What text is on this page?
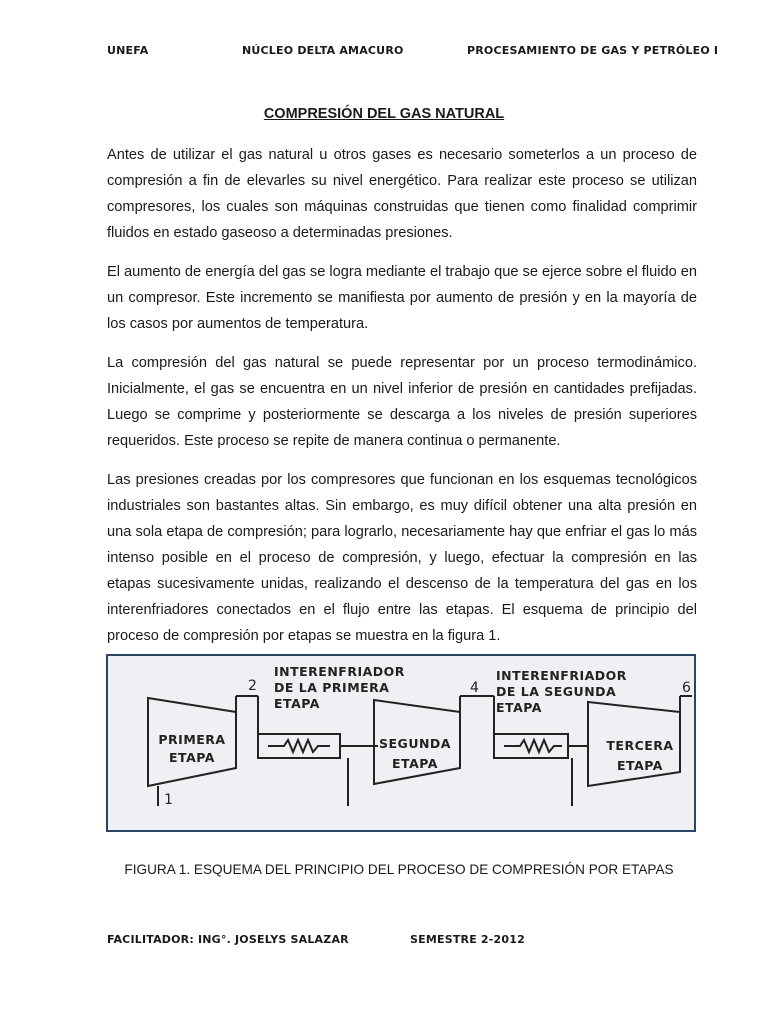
UNEFA	NÚCLEO DELTA AMACURO	PROCESAMIENTO DE GAS Y PETRÓLEO I
COMPRESIÓN DEL GAS NATURAL

Antes de utilizar el gas natural u otros gases es necesario someterlos a un proceso de compresión a fin de elevarles su nivel energético. Para realizar este proceso se utilizan compresores, los cuales son máquinas construidas que tienen como finalidad comprimir fluidos en estado gaseoso a determinadas presiones.

El aumento de energía del gas se logra mediante el trabajo que se ejerce sobre el fluido en un compresor. Este incremento se manifiesta por aumento de presión y en la mayoría de los casos por aumentos de temperatura.

La compresión del gas natural se puede representar por un proceso termodinámico. Inicialmente, el gas se encuentra en un nivel inferior de presión en cantidades prefijadas. Luego se comprime y posteriormente se descarga a los niveles de presión superiores requeridos. Este proceso se repite de manera continua o permanente.

Las presiones creadas por los compresores que funcionan en los esquemas tecnológicos industriales son bastantes altas. Sin embargo, es muy difícil obtener una alta presión en una sola etapa de compresión; para lograrlo, necesariamente hay que enfriar el gas lo más intenso posible en el proceso de compresión, y luego, efectuar la compresión en las etapas sucesivamente unidas, realizando el descenso de la temperatura del gas en los interenfriadores conectados en el flujo entre las etapas. El esquema de principio del proceso de compresión por etapas se muestra en la figura 1.

PRIMERA
ETAPA
SEGUNDA
ETAPA
TERCERA
ETAPA
INTERENFRIADOR
DE LA PRIMERA
ETAPA
INTERENFRIADOR
DE LA SEGUNDA
ETAPA
1
2	4	6
FIGURA 1. ESQUEMA DEL PRINCIPIO DEL PROCESO DE COMPRESIÓN POR ETAPAS
FACILITADOR: ING°. JOSELYS SALAZAR	SEMESTRE 2-2012
